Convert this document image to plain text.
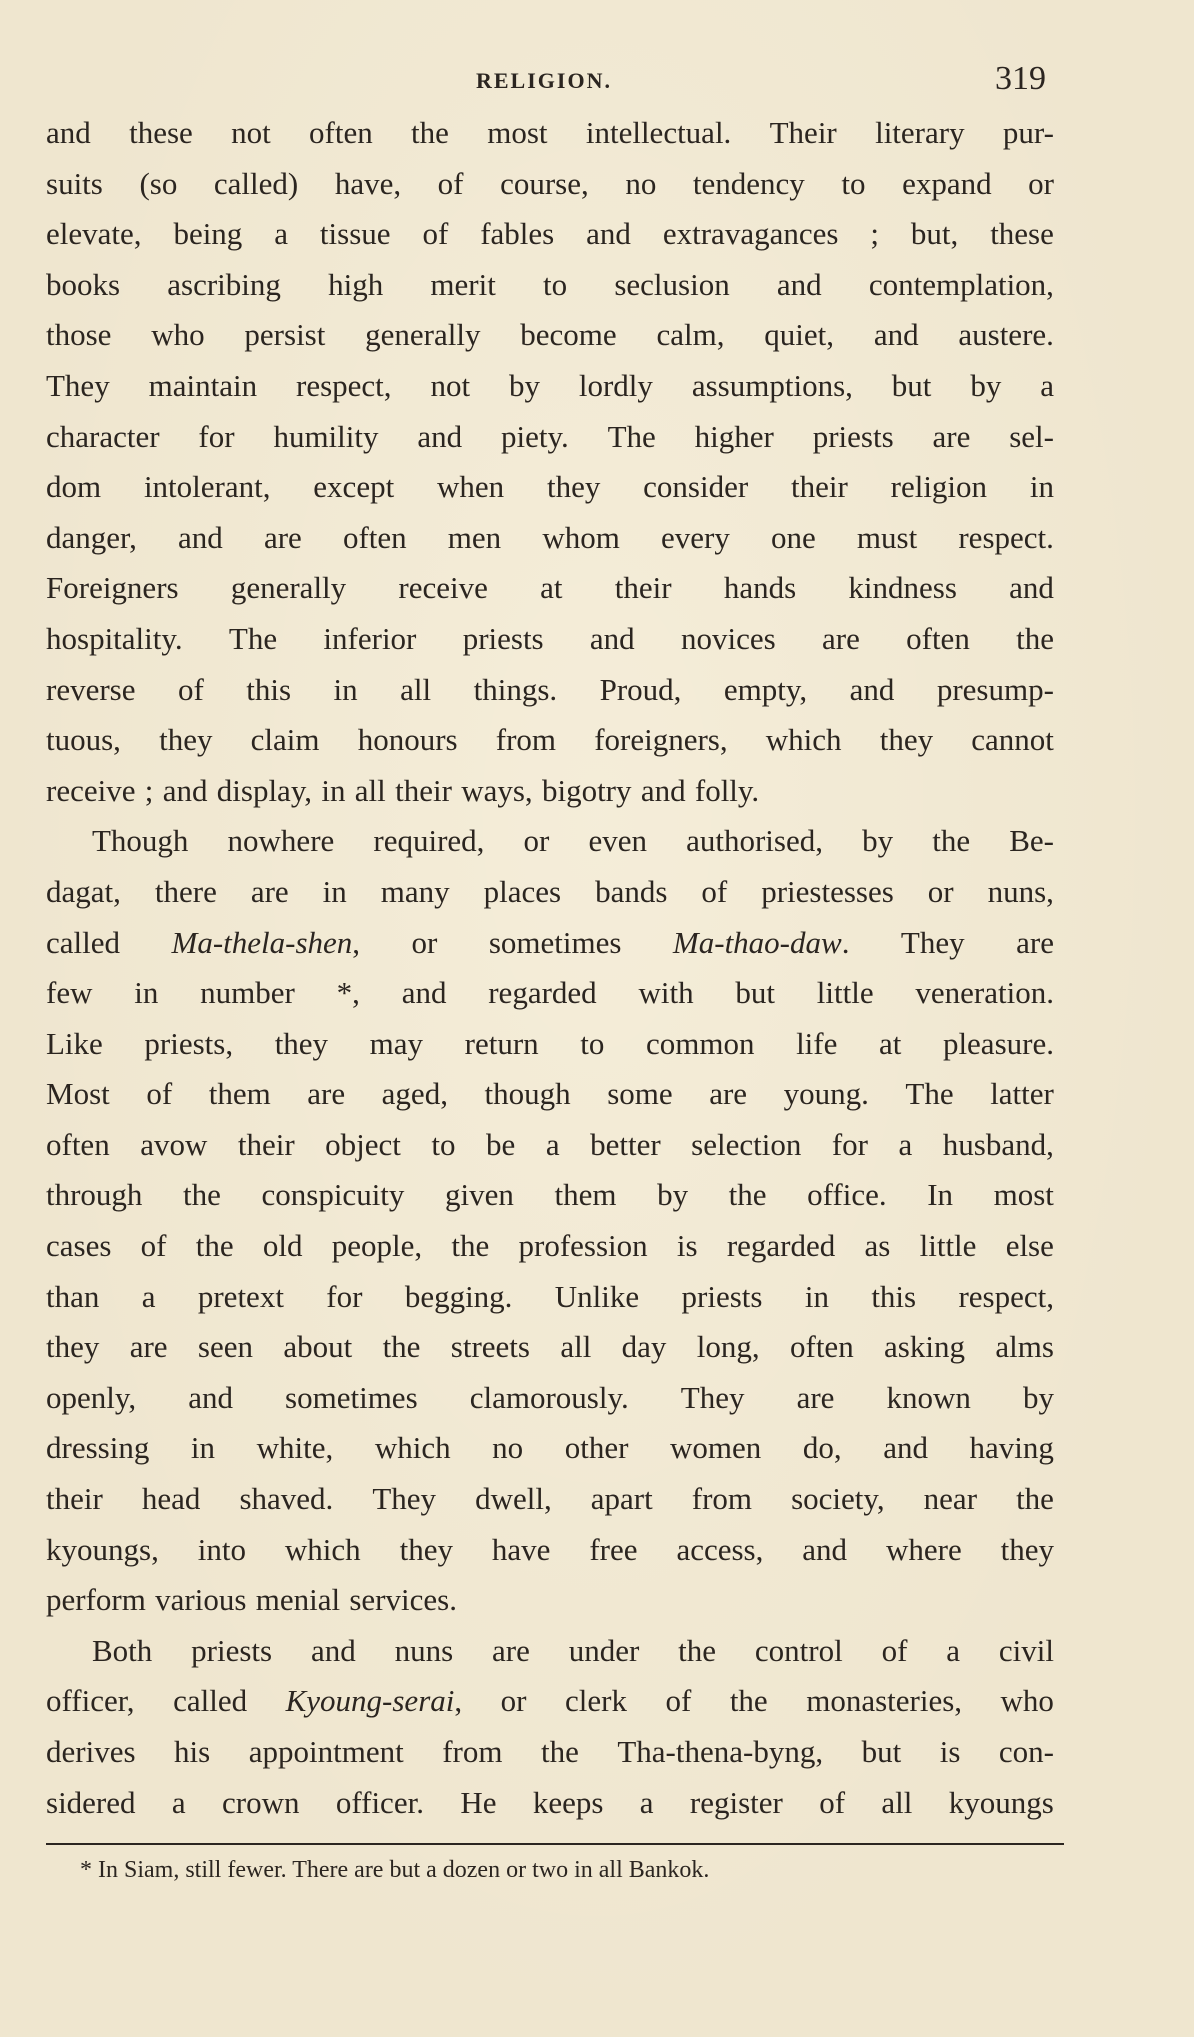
RELIGION.	319
and these not often the most intellectual. Their literary pur-
suits (so called) have, of course, no tendency to expand or
elevate, being a tissue of fables and extravagances ; but, these
books ascribing high merit to seclusion and contemplation,
those who persist generally become calm, quiet, and austere.
They maintain respect, not by lordly assumptions, but by a
character for humility and piety. The higher priests are sel-
dom intolerant, except when they consider their religion in
danger, and are often men whom every one must respect.
Foreigners generally receive at their hands kindness and
hospitality. The inferior priests and novices are often the
reverse of this in all things. Proud, empty, and presump-
tuous, they claim honours from foreigners, which they cannot
receive ; and display, in all their ways, bigotry and folly.
Though nowhere required, or even authorised, by the Be-
dagat, there are in many places bands of priestesses or nuns,
called Ma-thela-shen, or sometimes Ma-thao-daw. They are
few in number *, and regarded with but little veneration.
Like priests, they may return to common life at pleasure.
Most of them are aged, though some are young. The latter
often avow their object to be a better selection for a husband,
through the conspicuity given them by the office. In most
cases of the old people, the profession is regarded as little else
than a pretext for begging. Unlike priests in this respect,
they are seen about the streets all day long, often asking alms
openly, and sometimes clamorously. They are known by
dressing in white, which no other women do, and having
their head shaved. They dwell, apart from society, near the
kyoungs, into which they have free access, and where they
perform various menial services.
Both priests and nuns are under the control of a civil
officer, called Kyoung-serai, or clerk of the monasteries, who
derives his appointment from the Tha-thena-byng, but is con-
sidered a crown officer. He keeps a register of all kyoungs
* In Siam, still fewer. There are but a dozen or two in all Bankok.
